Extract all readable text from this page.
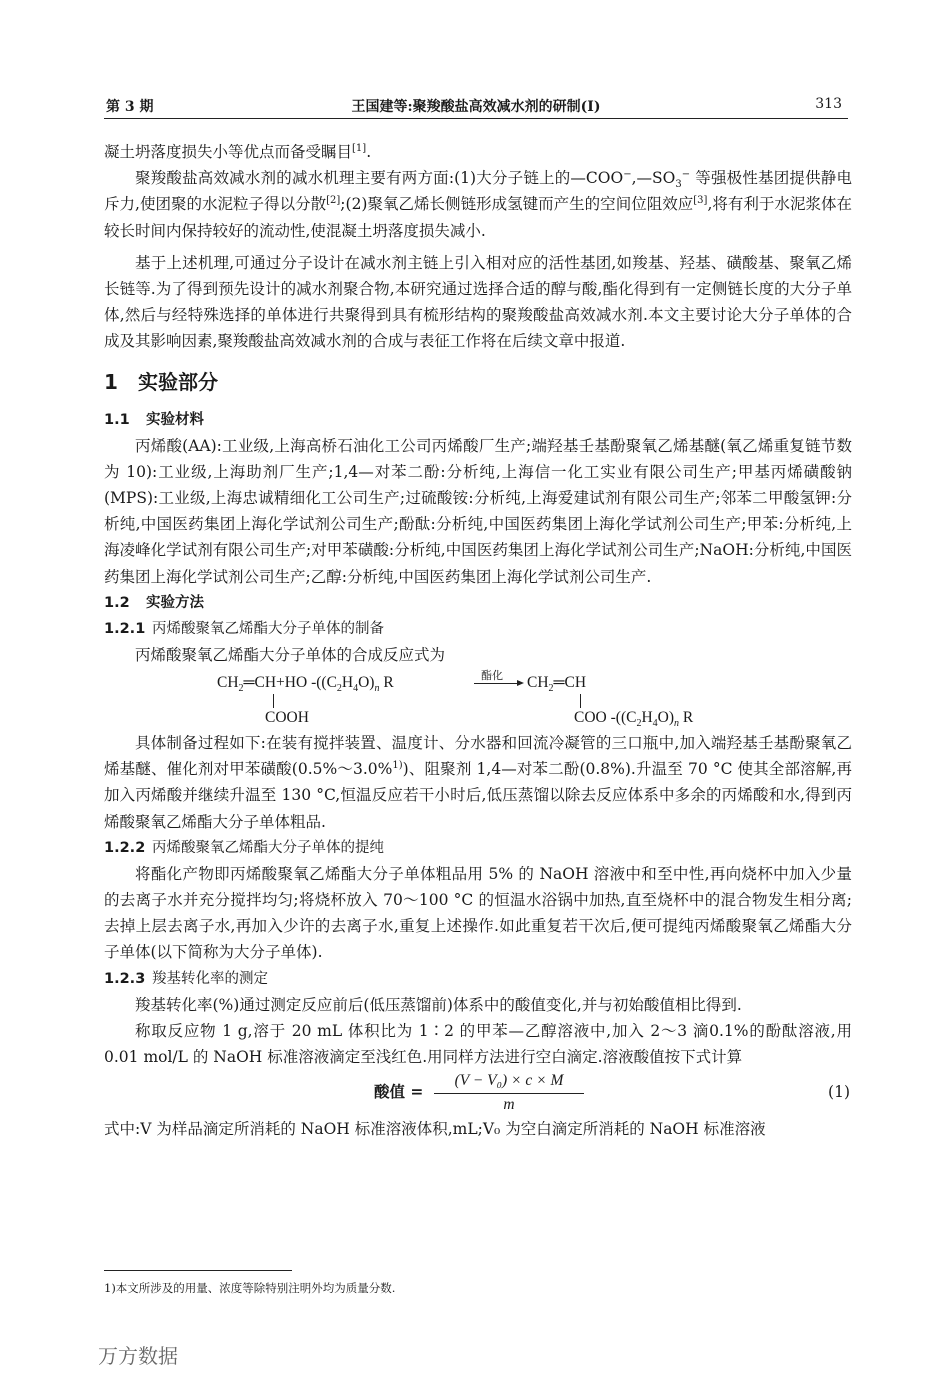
第 3 期	王国建等:聚羧酸盐高效减水剂的研制(I)	313

凝土坍落度损失小等优点而备受瞩目[1].

聚羧酸盐高效减水剂的减水机理主要有两方面:(1)大分子链上的$—COO^-,—SO_3^-$ 等强极性基团提供静电斥力,使团聚的水泥粒子得以分散[2];(2)聚氧乙烯长侧链形成氢键而产生的空间位阻效应[3],将有利于水泥浆体在较长时间内保持较好的流动性,使混凝土坍落度损失减小.

基于上述机理,可通过分子设计在减水剂主链上引入相对应的活性基团,如羧基、羟基、磺酸基、聚氧乙烯长链等.为了得到预先设计的减水剂聚合物,本研究通过选择合适的醇与酸,酯化得到有一定侧链长度的大分子单体,然后与经特殊选择的单体进行共聚得到具有梳形结构的聚羧酸盐高效减水剂.本文主要讨论大分子单体的合成及其影响因素,聚羧酸盐高效减水剂的合成与表征工作将在后续文章中报道.

1 实验部分
1.1 实验材料

丙烯酸(AA):工业级,上海高桥石油化工公司丙烯酸厂生产;端羟基壬基酚聚氧乙烯基醚(氧乙烯重复链节数为 10):工业级,上海助剂厂生产;1,4—对苯二酚:分析纯,上海信一化工实业有限公司生产;甲基丙烯磺酸钠(MPS):工业级,上海忠诚精细化工公司生产;过硫酸铵:分析纯,上海爱建试剂有限公司生产;邻苯二甲酸氢钾:分析纯,中国医药集团上海化学试剂公司生产;酚酞:分析纯,中国医药集团上海化学试剂公司生产;甲苯:分析纯,上海凌峰化学试剂有限公司生产;对甲苯磺酸:分析纯,中国医药集团上海化学试剂公司生产;NaOH:分析纯,中国医药集团上海化学试剂公司生产;乙醇:分析纯,中国医药集团上海化学试剂公司生产.

1.2 实验方法
1.2.1 丙烯酸聚氧乙烯酯大分子单体的制备

丙烯酸聚氧乙烯酯大分子单体的合成反应式为

$CH_2═CH+HO$ $-((C_2H_4O)_n$ R
COOH
酯化 $CH_2═CH$
COO $-((C_2H_4O)_n$ R

具体制备过程如下:在装有搅拌装置、温度计、分水器和回流冷凝管的三口瓶中,加入端羟基壬基酚聚氧乙烯基醚、催化剂对甲苯磺酸(0.5%～3.0%$^{1)}$)、阻聚剂 1,4—对苯二酚(0.8%).升温至 70 °C 使其全部溶解,再加入丙烯酸并继续升温至 130 °C,恒温反应若干小时后,低压蒸馏以除去反应体系中多余的丙烯酸和水,得到丙烯酸聚氧乙烯酯大分子单体粗品.

1.2.2 丙烯酸聚氧乙烯酯大分子单体的提纯

将酯化产物即丙烯酸聚氧乙烯酯大分子单体粗品用 5% 的 NaOH 溶液中和至中性,再向烧杯中加入少量的去离子水并充分搅拌均匀;将烧杯放入 70～100 °C 的恒温水浴锅中加热,直至烧杯中的混合物发生相分离;去掉上层去离子水,再加入少许的去离子水,重复上述操作.如此重复若干次后,便可提纯丙烯酸聚氧乙烯酯大分子单体(以下简称为大分子单体).

1.2.3 羧基转化率的测定

羧基转化率(%)通过测定反应前后(低压蒸馏前)体系中的酸值变化,并与初始酸值相比得到.

称取反应物 1 g,溶于 20 mL 体积比为 1∶2 的甲苯—乙醇溶液中,加入 2～3 滴0.1%的酚酞溶液,用0.01 mol/L 的 NaOH 标准溶液滴定至浅红色.用同样方法进行空白滴定.溶液酸值按下式计算

酸值 =
(V − V₀) × c × M
m
(1)

式中:V 为样品滴定所消耗的 NaOH 标准溶液体积,mL;V₀ 为空白滴定所消耗的 NaOH 标准溶液

1)本文所涉及的用量、浓度等除特别注明外均为质量分数.
万方数据
